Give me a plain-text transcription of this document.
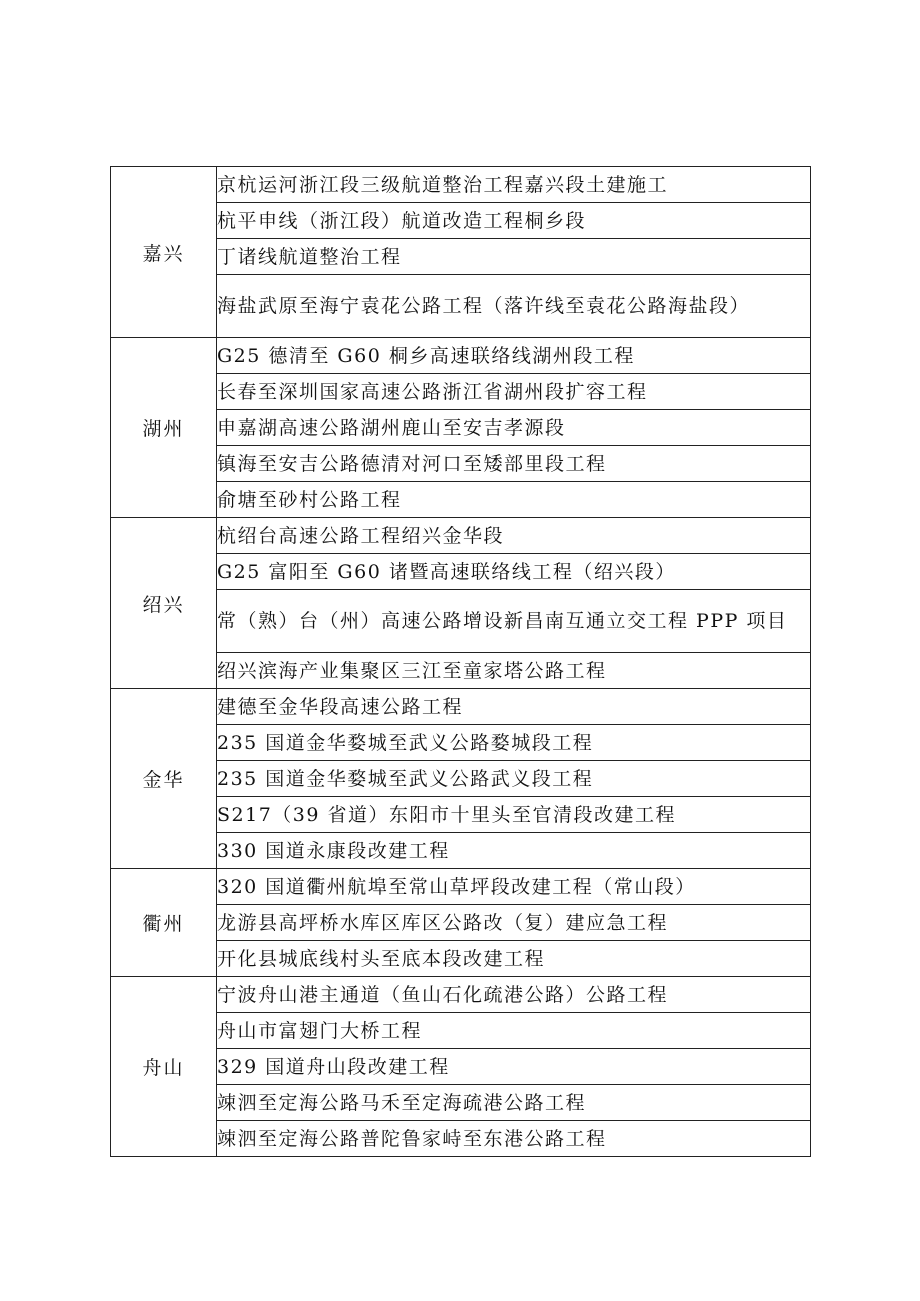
嘉兴	京杭运河浙江段三级航道整治工程嘉兴段土建施工
	杭平申线（浙江段）航道改造工程桐乡段
	丁诸线航道整治工程
	海盐武原至海宁袁花公路工程（落许线至袁花公路海盐段）
湖州	G25 德清至 G60 桐乡高速联络线湖州段工程
	长春至深圳国家高速公路浙江省湖州段扩容工程
	申嘉湖高速公路湖州鹿山至安吉孝源段
	镇海至安吉公路德清对河口至矮部里段工程
	俞塘至砂村公路工程
绍兴	杭绍台高速公路工程绍兴金华段
	G25 富阳至 G60 诸暨高速联络线工程（绍兴段）
	常（熟）台（州）高速公路增设新昌南互通立交工程 PPP 项目
	绍兴滨海产业集聚区三江至童家塔公路工程
金华	建德至金华段高速公路工程
	235 国道金华婺城至武义公路婺城段工程
	235 国道金华婺城至武义公路武义段工程
	S217（39 省道）东阳市十里头至官清段改建工程
	330 国道永康段改建工程
衢州	320 国道衢州航埠至常山草坪段改建工程（常山段）
	龙游县高坪桥水库区库区公路改（复）建应急工程
	开化县城底线村头至底本段改建工程
舟山	宁波舟山港主通道（鱼山石化疏港公路）公路工程
	舟山市富翅门大桥工程
	329 国道舟山段改建工程
	竦泗至定海公路马禾至定海疏港公路工程
	竦泗至定海公路普陀鲁家峙至东港公路工程
